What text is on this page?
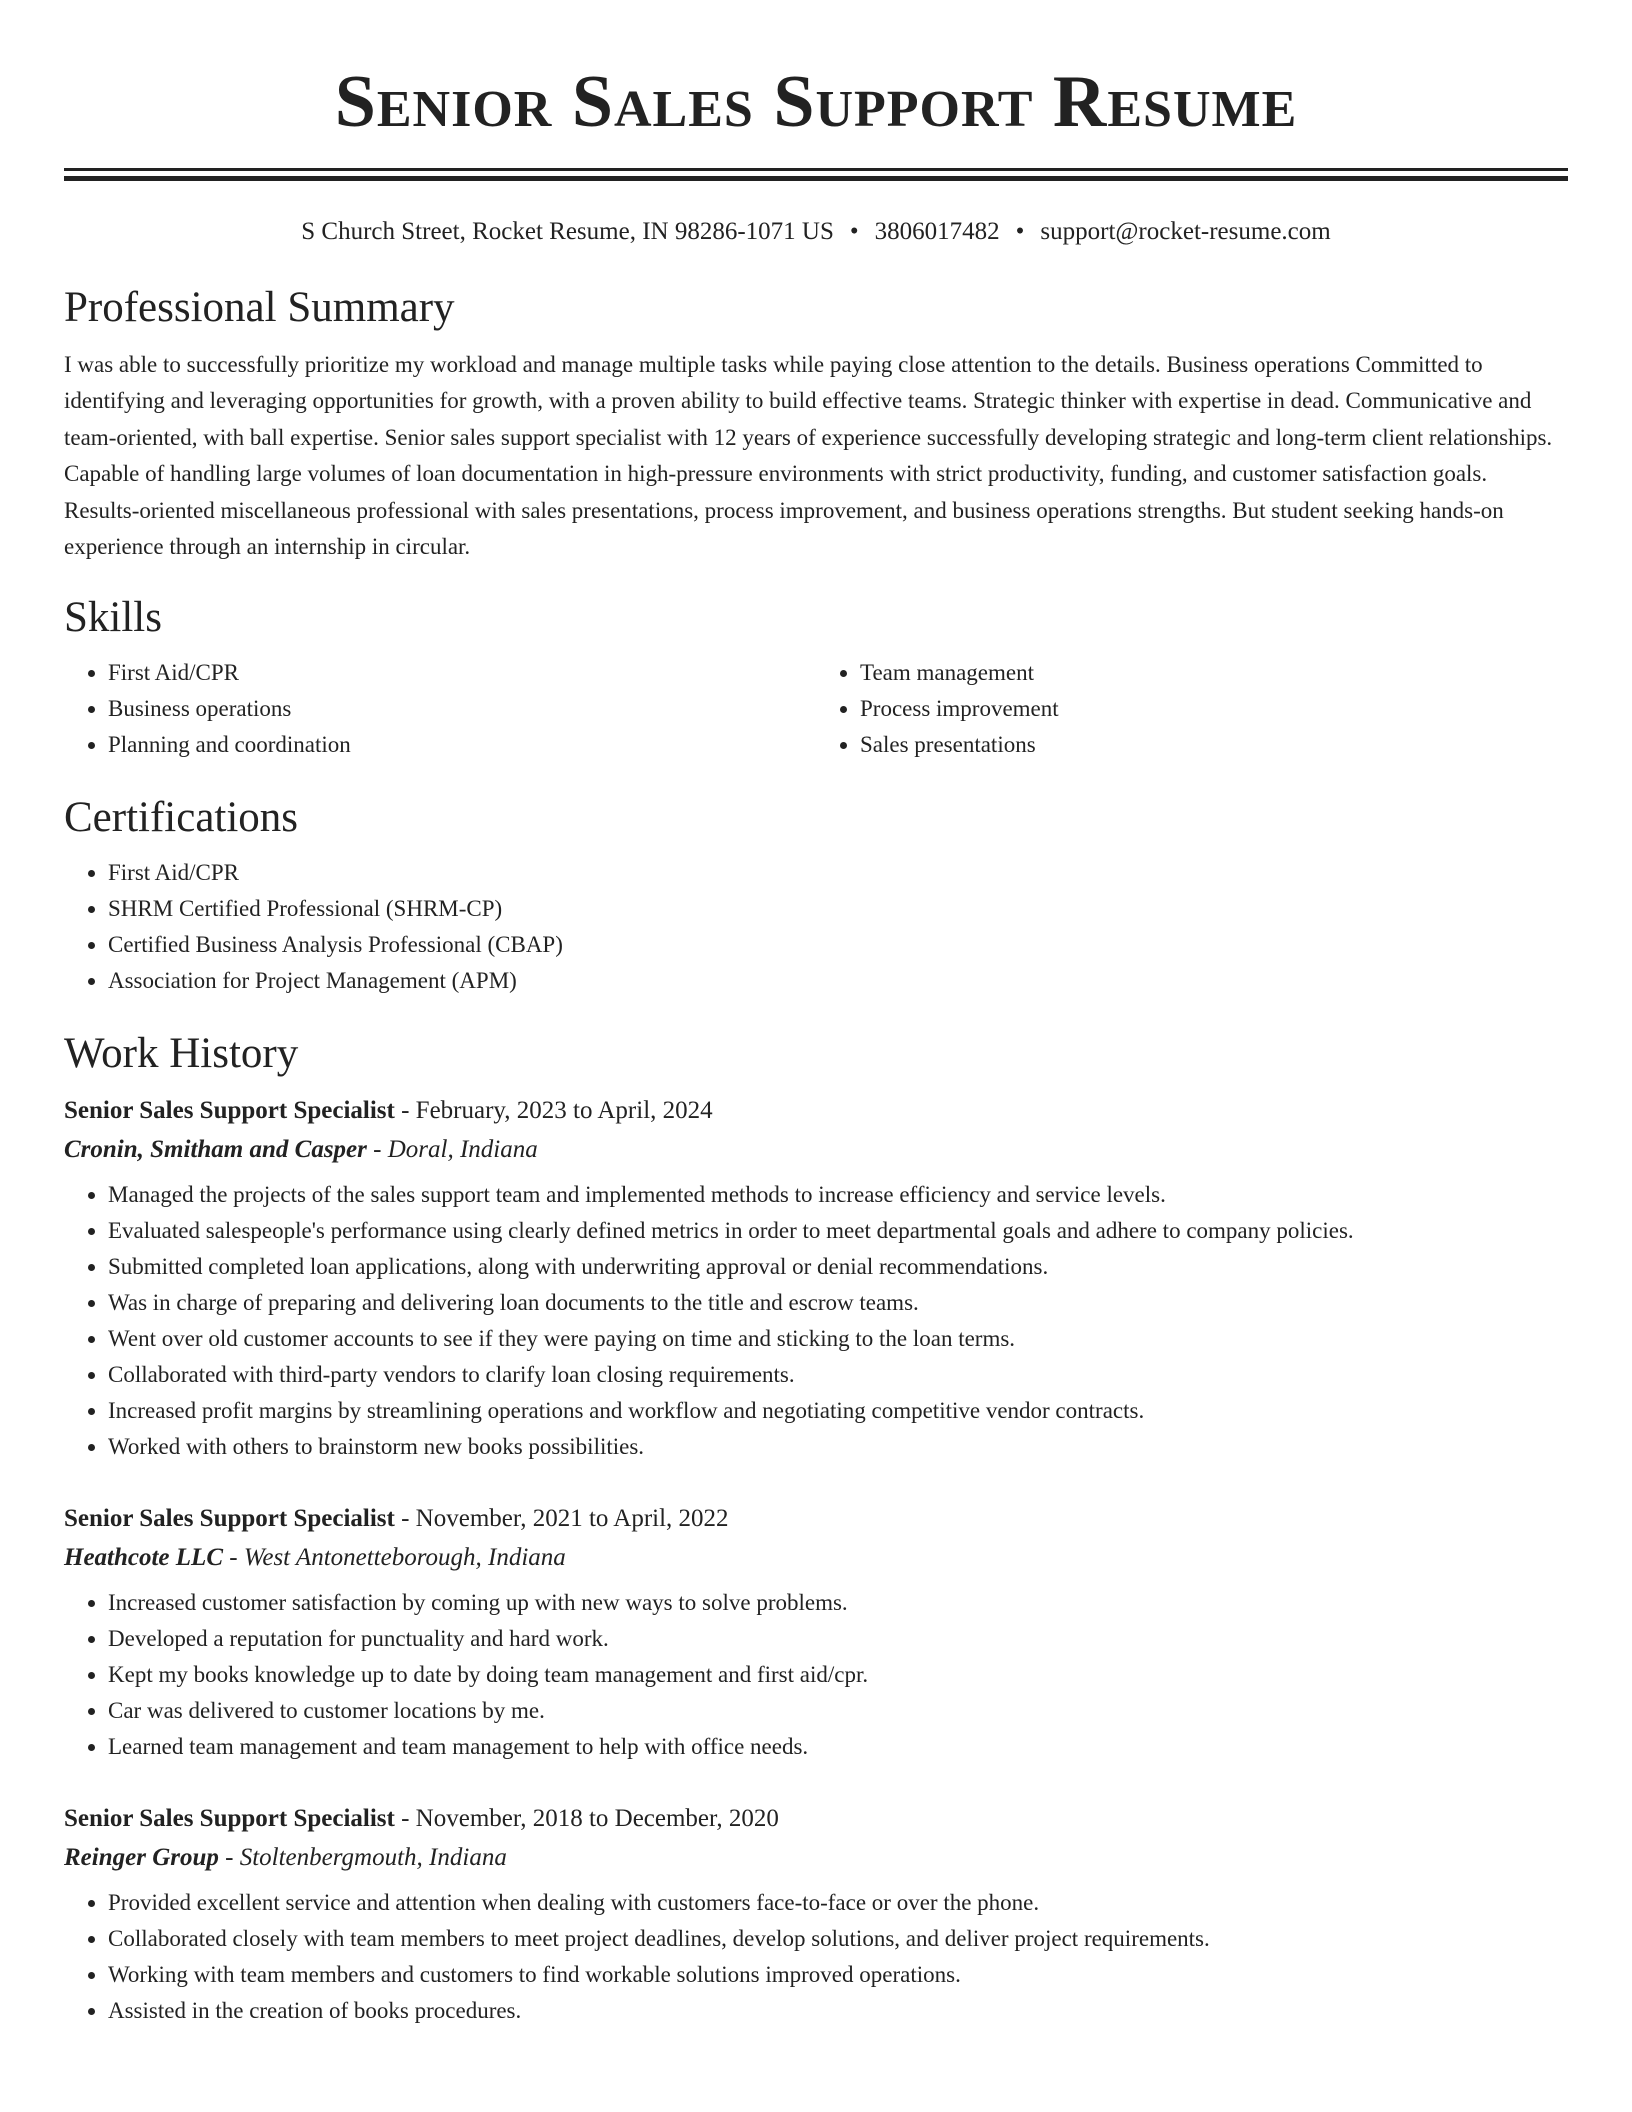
Senior Sales Support Resume
S Church Street, Rocket Resume, IN 98286-1071 US • 3806017482 • support@rocket-resume.com
Professional Summary

I was able to successfully prioritize my workload and manage multiple tasks while paying close attention to the details. Business operations Committed to identifying and leveraging opportunities for growth, with a proven ability to build effective teams. Strategic thinker with expertise in dead. Communicative and team-oriented, with ball expertise. Senior sales support specialist with 12 years of experience successfully developing strategic and long-term client relationships. Capable of handling large volumes of loan documentation in high-pressure environments with strict productivity, funding, and customer satisfaction goals. Results-oriented miscellaneous professional with sales presentations, process improvement, and business operations strengths. But student seeking hands-on experience through an internship in circular.

Skills
• First Aid/CPR
• Business operations
• Planning and coordination
• Team management
• Process improvement
• Sales presentations
Certifications
• First Aid/CPR
• SHRM Certified Professional (SHRM-CP)
• Certified Business Analysis Professional (CBAP)
• Association for Project Management (APM)
Work History
Senior Sales Support Specialist - February, 2023 to April, 2024
Cronin, Smitham and Casper - Doral, Indiana
• Managed the projects of the sales support team and implemented methods to increase efficiency and service levels.
• Evaluated salespeople's performance using clearly defined metrics in order to meet departmental goals and adhere to company policies.
• Submitted completed loan applications, along with underwriting approval or denial recommendations.
• Was in charge of preparing and delivering loan documents to the title and escrow teams.
• Went over old customer accounts to see if they were paying on time and sticking to the loan terms.
• Collaborated with third-party vendors to clarify loan closing requirements.
• Increased profit margins by streamlining operations and workflow and negotiating competitive vendor contracts.
• Worked with others to brainstorm new books possibilities.
Senior Sales Support Specialist - November, 2021 to April, 2022
Heathcote LLC - West Antonetteborough, Indiana
• Increased customer satisfaction by coming up with new ways to solve problems.
• Developed a reputation for punctuality and hard work.
• Kept my books knowledge up to date by doing team management and first aid/cpr.
• Car was delivered to customer locations by me.
• Learned team management and team management to help with office needs.
Senior Sales Support Specialist - November, 2018 to December, 2020
Reinger Group - Stoltenbergmouth, Indiana
• Provided excellent service and attention when dealing with customers face-to-face or over the phone.
• Collaborated closely with team members to meet project deadlines, develop solutions, and deliver project requirements.
• Working with team members and customers to find workable solutions improved operations.
• Assisted in the creation of books procedures.
